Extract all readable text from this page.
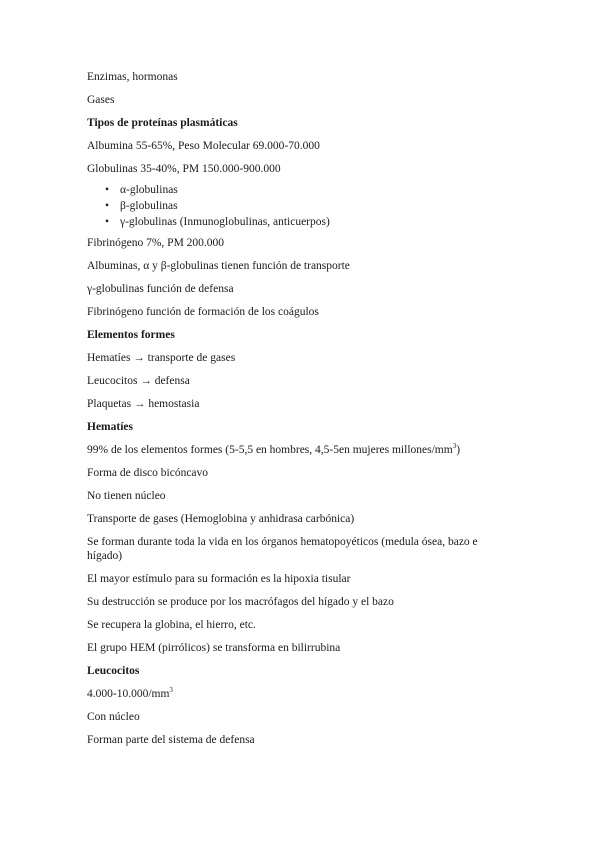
Enzimas, hormonas

Gases

Tipos de proteínas plasmáticas

Albumina 55-65%, Peso Molecular 69.000-70.000

Globulinas 35-40%, PM 150.000-900.000

• α-globulinas
• β-globulinas
• γ-globulinas (Inmunoglobulinas, anticuerpos)

Fibrinógeno 7%, PM 200.000

Albuminas, α y β-globulinas tienen función de transporte

γ-globulinas función de defensa

Fibrinógeno función de formación de los coágulos

Elementos formes

Hematíes → transporte de gases

Leucocitos → defensa

Plaquetas → hemostasia

Hematíes

99% de los elementos formes (5-5,5 en hombres, 4,5-5en mujeres millones/$mm^3$)

Forma de disco bicóncavo

No tienen núcleo

Transporte de gases (Hemoglobina y anhidrasa carbónica)

Se forman durante toda la vida en los órganos hematopoyéticos (medula ósea, bazo e

hígado)

El mayor estímulo para su formación es la hipoxia tisular

Su destrucción se produce por los macrófagos del hígado y el bazo

Se recupera la globina, el hierro, etc.

El grupo HEM (pirrólicos) se transforma en bilirrubina

Leucocitos

$4.000-10.000/mm^3$

Con núcleo

Forman parte del sistema de defensa
